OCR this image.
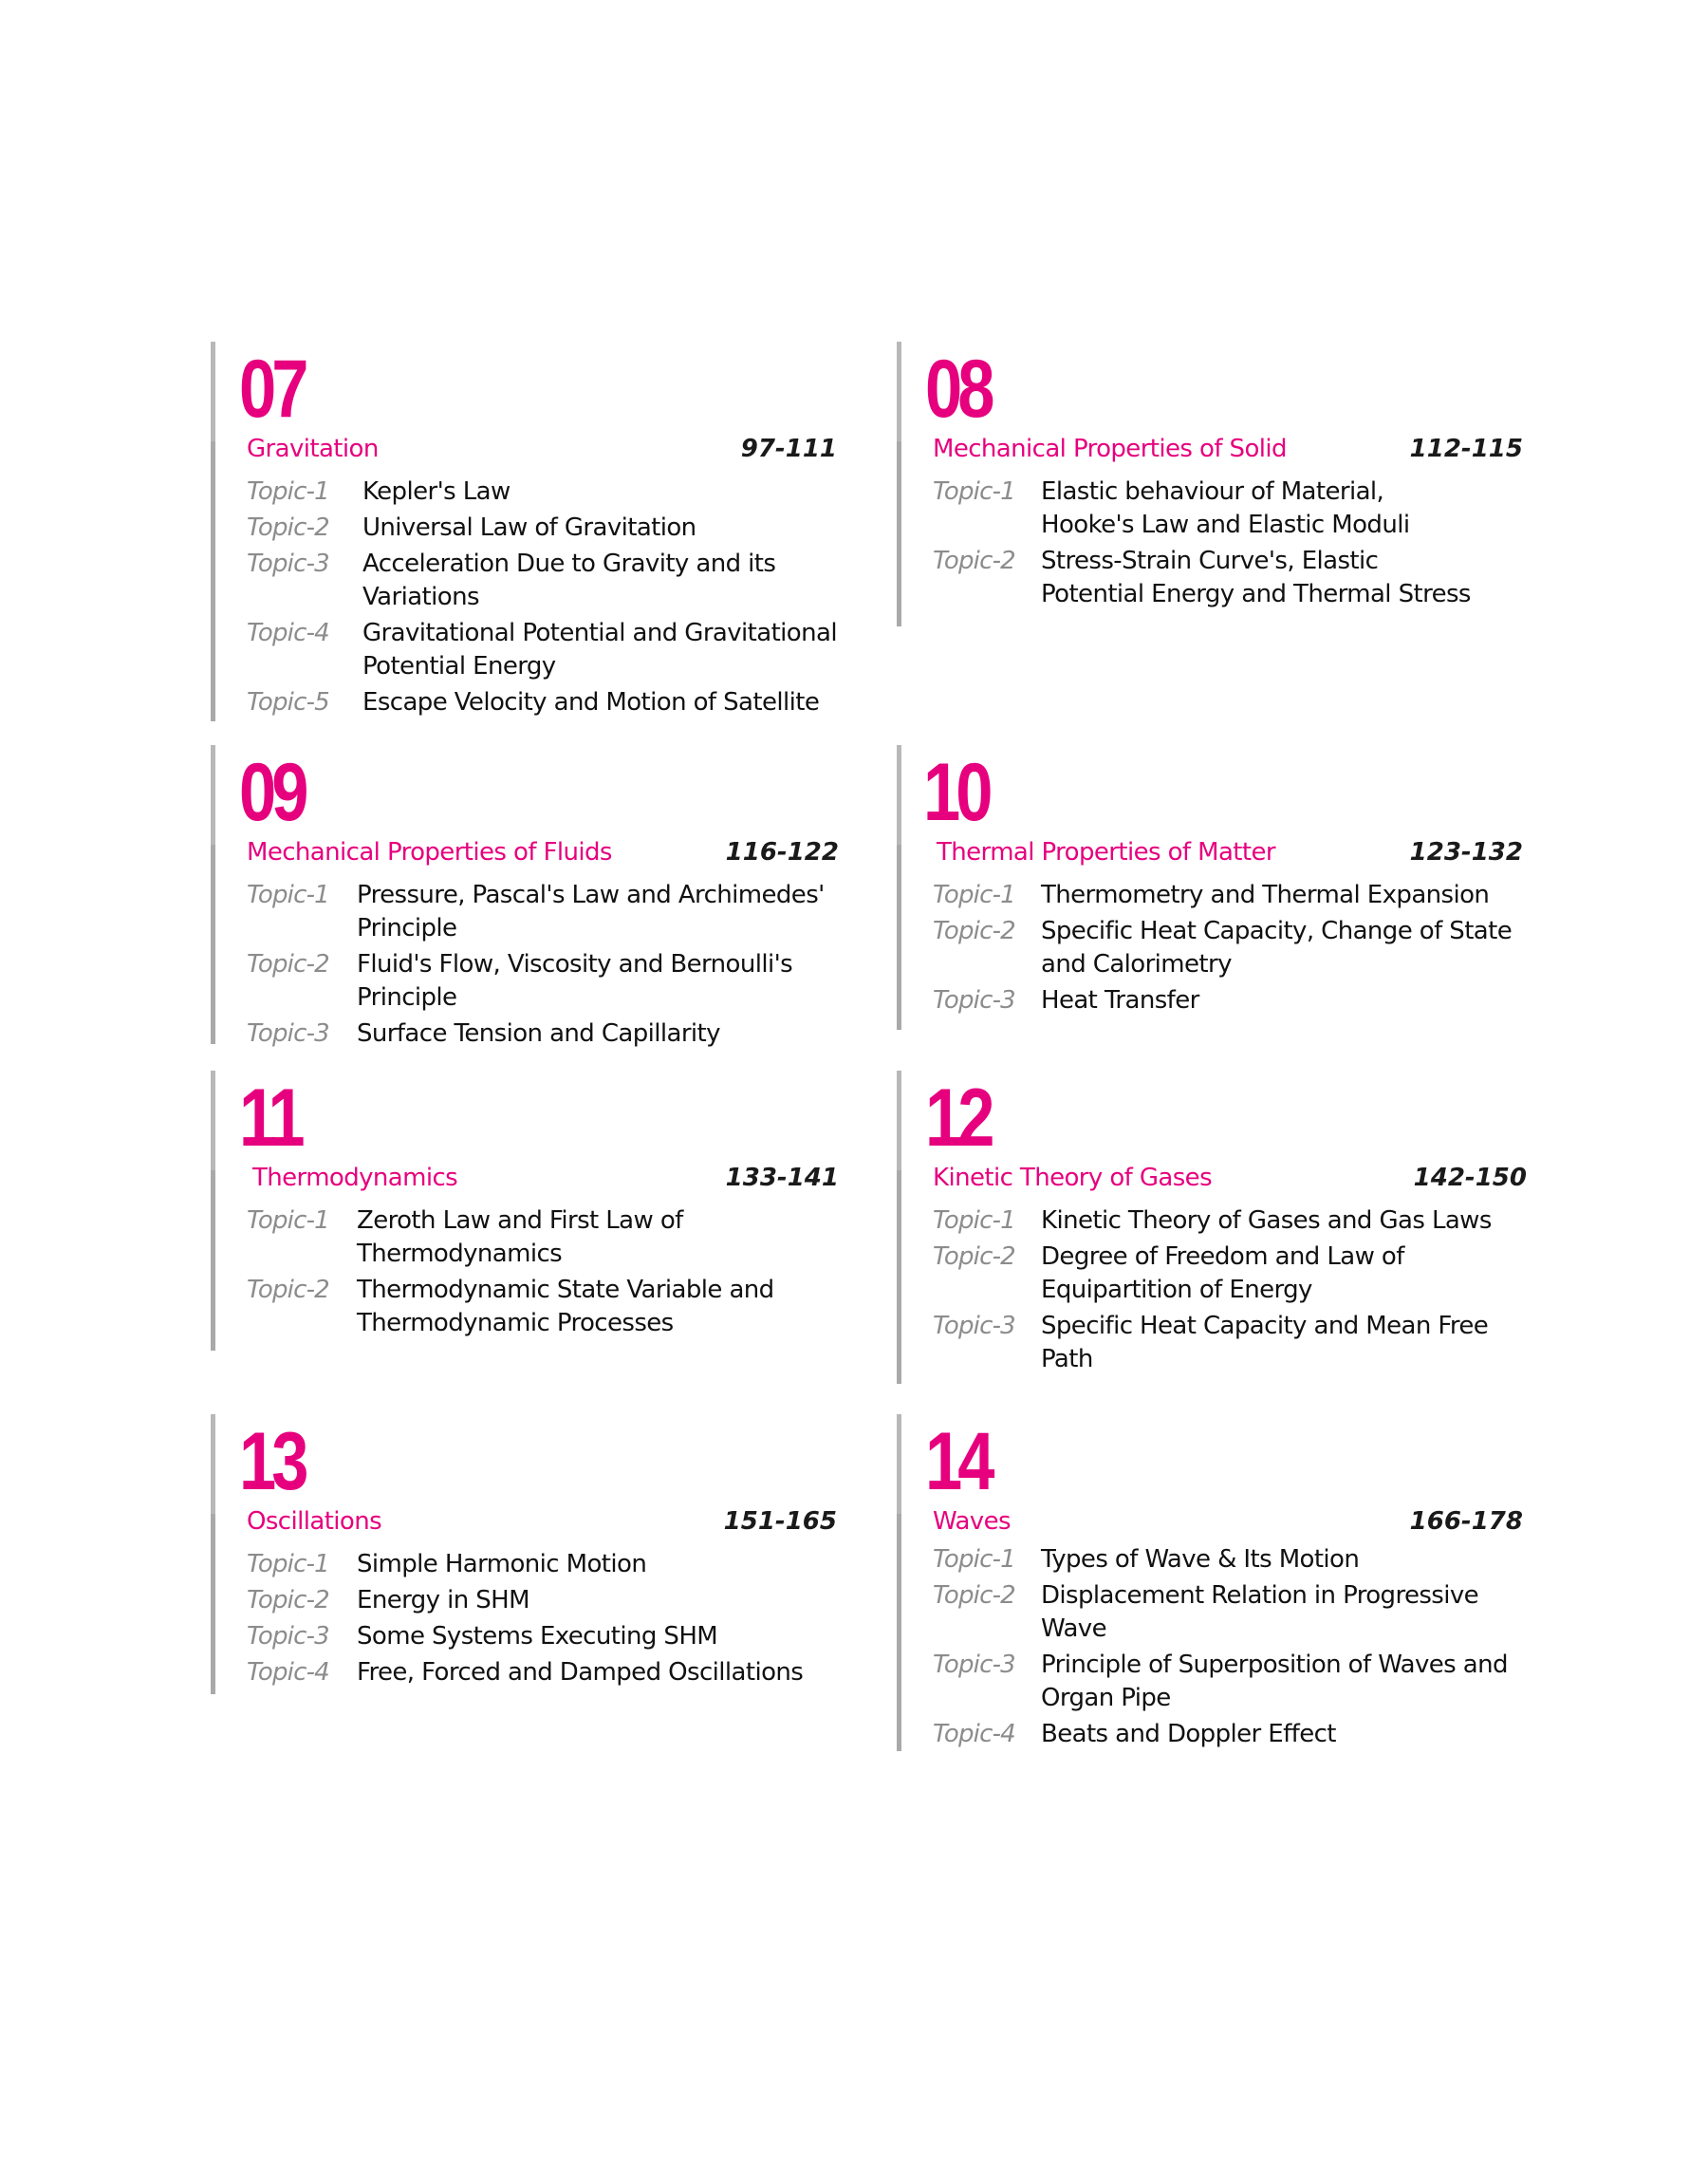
07
Gravitation	97-111
Topic-1	Kepler's Law
Topic-2	Universal Law of Gravitation
Topic-3	Acceleration Due to Gravity and its Variations
Topic-4	Gravitational Potential and Gravitational Potential Energy
Topic-5	Escape Velocity and Motion of Satellite
08
Mechanical Properties of Solid	112-115
Topic-1	Elastic behaviour of Material, Hooke's Law and Elastic Moduli
Topic-2	Stress-Strain Curve's, Elastic Potential Energy and Thermal Stress
09
Mechanical Properties of Fluids	116-122
Topic-1	Pressure, Pascal's Law and Archimedes' Principle
Topic-2	Fluid's Flow, Viscosity and Bernoulli's Principle
Topic-3	Surface Tension and Capillarity
10
Thermal Properties of Matter	123-132
Topic-1	Thermometry and Thermal Expansion
Topic-2	Specific Heat Capacity, Change of State and Calorimetry
Topic-3	Heat Transfer
11
Thermodynamics	133-141
Topic-1	Zeroth Law and First Law of Thermodynamics
Topic-2	Thermodynamic State Variable and Thermodynamic Processes
12
Kinetic Theory of Gases	142-150
Topic-1	Kinetic Theory of Gases and Gas Laws
Topic-2	Degree of Freedom and Law of Equipartition of Energy
Topic-3	Specific Heat Capacity and Mean Free Path
13
Oscillations	151-165
Topic-1	Simple Harmonic Motion
Topic-2	Energy in SHM
Topic-3	Some Systems Executing SHM
Topic-4	Free, Forced and Damped Oscillations
14
Waves	166-178
Topic-1	Types of Wave & Its Motion
Topic-2	Displacement Relation in Progressive Wave
Topic-3	Principle of Superposition of Waves and Organ Pipe
Topic-4	Beats and Doppler Effect
